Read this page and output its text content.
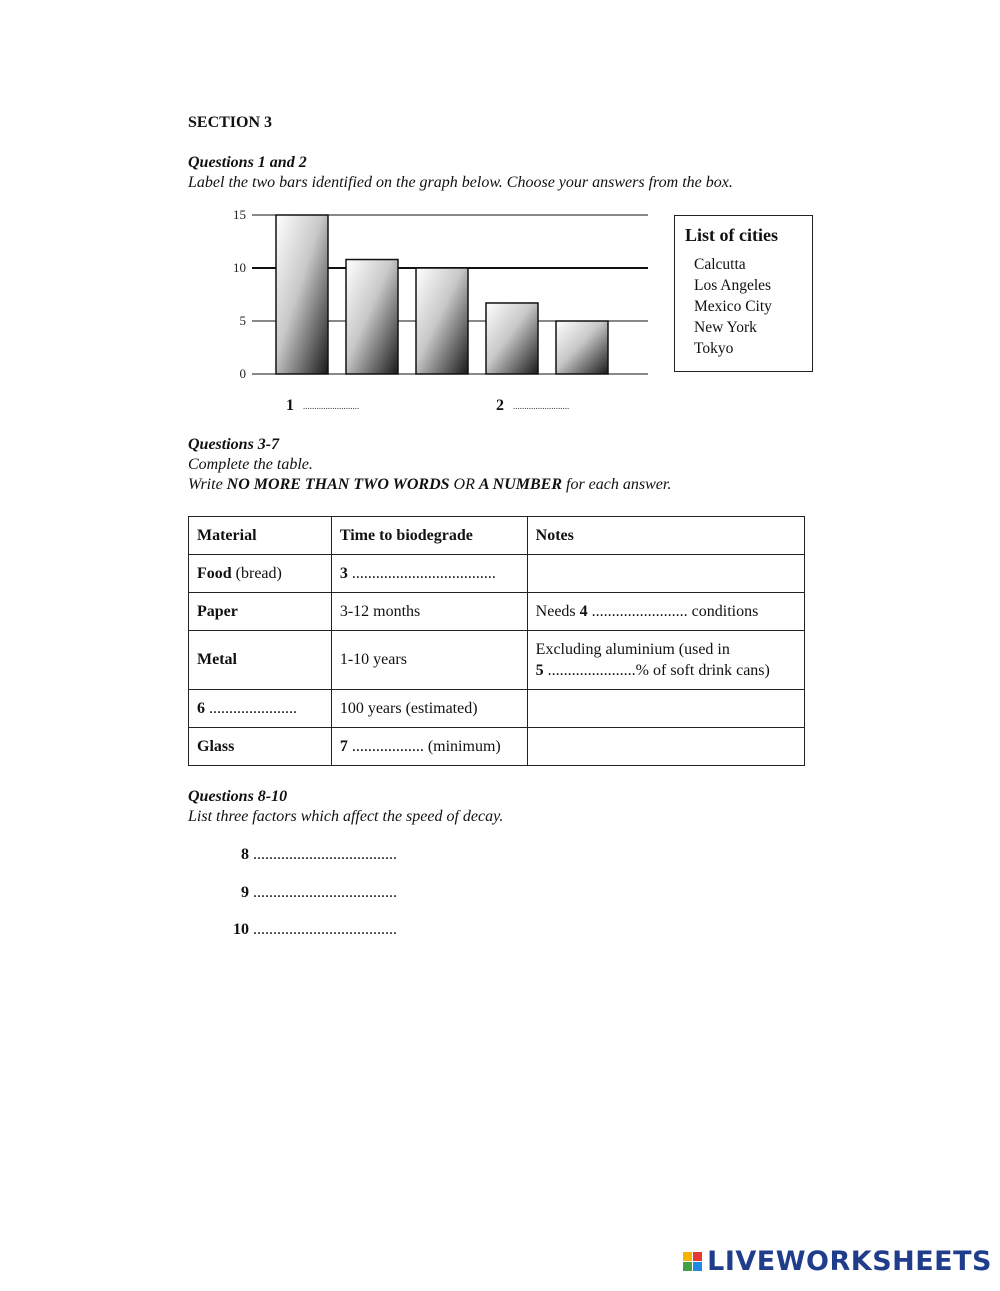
SECTION 3
Questions 1 and 2
Label the two bars identified on the graph below. Choose your answers from the box.
0
5
10
15
1 .........................	2 .........................
List of cities
Calcutta
Los Angeles
Mexico City
New York
Tokyo
Questions 3-7
Complete the table.
Write NO MORE THAN TWO WORDS OR A NUMBER for each answer.
Material	Time to biodegrade	Notes
Food (bread)	3 ....................................	
Paper	3-12 months	Needs 4 ........................ conditions
Metal	1-10 years	Excluding aluminium (used in
5 ......................% of soft drink cans)
6 ......................	100 years (estimated)	
Glass	7 .................. (minimum)	
Questions 8-10
List three factors which affect the speed of decay.
8 ....................................
9 ....................................
10 ....................................
LIVEWORKSHEETS
